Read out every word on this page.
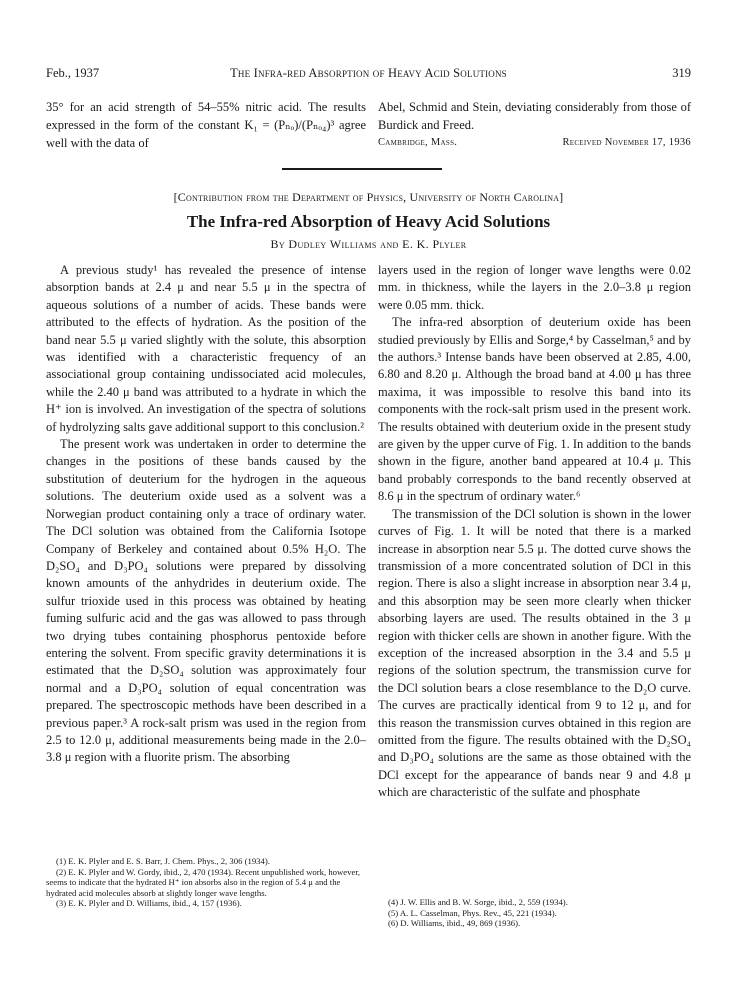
Feb., 1937	The Infra-red Absorption of Heavy Acid Solutions	319
35° for an acid strength of 54–55% nitric acid. The results expressed in the form of the constant K₁ = (Pₙₒ)/(Pₙₒ₄)³ agree well with the data of
Abel, Schmid and Stein, deviating considerably from those of Burdick and Freed.
Cambridge, Mass.	Received November 17, 1936
[Contribution from the Department of Physics, University of North Carolina]
The Infra-red Absorption of Heavy Acid Solutions
By Dudley Williams and E. K. Plyler

A previous study¹ has revealed the presence of intense absorption bands at 2.4 μ and near 5.5 μ in the spectra of aqueous solutions of a number of acids. These bands were attributed to the effects of hydration. As the position of the band near 5.5 μ varied slightly with the solute, this absorption was identified with a characteristic frequency of an associational group containing undissociated acid molecules, while the 2.40 μ band was attributed to a hydrate in which the H⁺ ion is involved. An investigation of the spectra of solutions of hydrolyzing salts gave additional support to this conclusion.²

The present work was undertaken in order to determine the changes in the positions of these bands caused by the substitution of deuterium for the hydrogen in the aqueous solutions. The deuterium oxide used as a solvent was a Norwegian product containing only a trace of ordinary water. The DCl solution was obtained from the California Isotope Company of Berkeley and contained about 0.5% H₂O. The D₂SO₄ and D₃PO₄ solutions were prepared by dissolving known amounts of the anhydrides in deuterium oxide. The sulfur trioxide used in this process was obtained by heating fuming sulfuric acid and the gas was allowed to pass through two drying tubes containing phosphorus pentoxide before entering the solvent. From specific gravity determinations it is estimated that the D₂SO₄ solution was approximately four normal and a D₃PO₄ solution of equal concentration was prepared. The spectroscopic methods have been described in a previous paper.³ A rock-salt prism was used in the region from 2.5 to 12.0 μ, additional measurements being made in the 2.0–3.8 μ region with a fluorite prism. The absorbing

layers used in the region of longer wave lengths were 0.02 mm. in thickness, while the layers in the 2.0–3.8 μ region were 0.05 mm. thick.

The infra-red absorption of deuterium oxide has been studied previously by Ellis and Sorge,⁴ by Casselman,⁵ and by the authors.³ Intense bands have been observed at 2.85, 4.00, 6.80 and 8.20 μ. Although the broad band at 4.00 μ has three maxima, it was impossible to resolve this band into its components with the rock-salt prism used in the present work. The results obtained with deuterium oxide in the present study are given by the upper curve of Fig. 1. In addition to the bands shown in the figure, another band appeared at 10.4 μ. This band probably corresponds to the band recently observed at 8.6 μ in the spectrum of ordinary water.⁶

The transmission of the DCl solution is shown in the lower curves of Fig. 1. It will be noted that there is a marked increase in absorption near 5.5 μ. The dotted curve shows the transmission of a more concentrated solution of DCl in this region. There is also a slight increase in absorption near 3.4 μ, and this absorption may be seen more clearly when thicker absorbing layers are used. The results obtained in the 3 μ region with thicker cells are shown in another figure. With the exception of the increased absorption in the 3.4 and 5.5 μ regions of the solution spectrum, the transmission curve for the DCl solution bears a close resemblance to the D₂O curve. The curves are practically identical from 9 to 12 μ, and for this reason the transmission curves obtained in this region are omitted from the figure. The results obtained with the D₂SO₄ and D₃PO₄ solutions are the same as those obtained with the DCl except for the appearance of bands near 9 and 4.8 μ which are characteristic of the sulfate and phosphate

(1) E. K. Plyler and E. S. Barr, J. Chem. Phys., 2, 306 (1934).

(2) E. K. Plyler and W. Gordy, ibid., 2, 470 (1934). Recent unpublished work, however, seems to indicate that the hydrated H⁺ ion absorbs also in the region of 5.4 μ and the hydrated acid molecules absorb at slightly longer wave lengths.

(3) E. K. Plyler and D. Williams, ibid., 4, 157 (1936).	(4) J. W. Ellis and B. W. Sorge, ibid., 2, 559 (1934).

(5) A. L. Casselman, Phys. Rev., 45, 221 (1934).

(6) D. Williams, ibid., 49, 869 (1936).
